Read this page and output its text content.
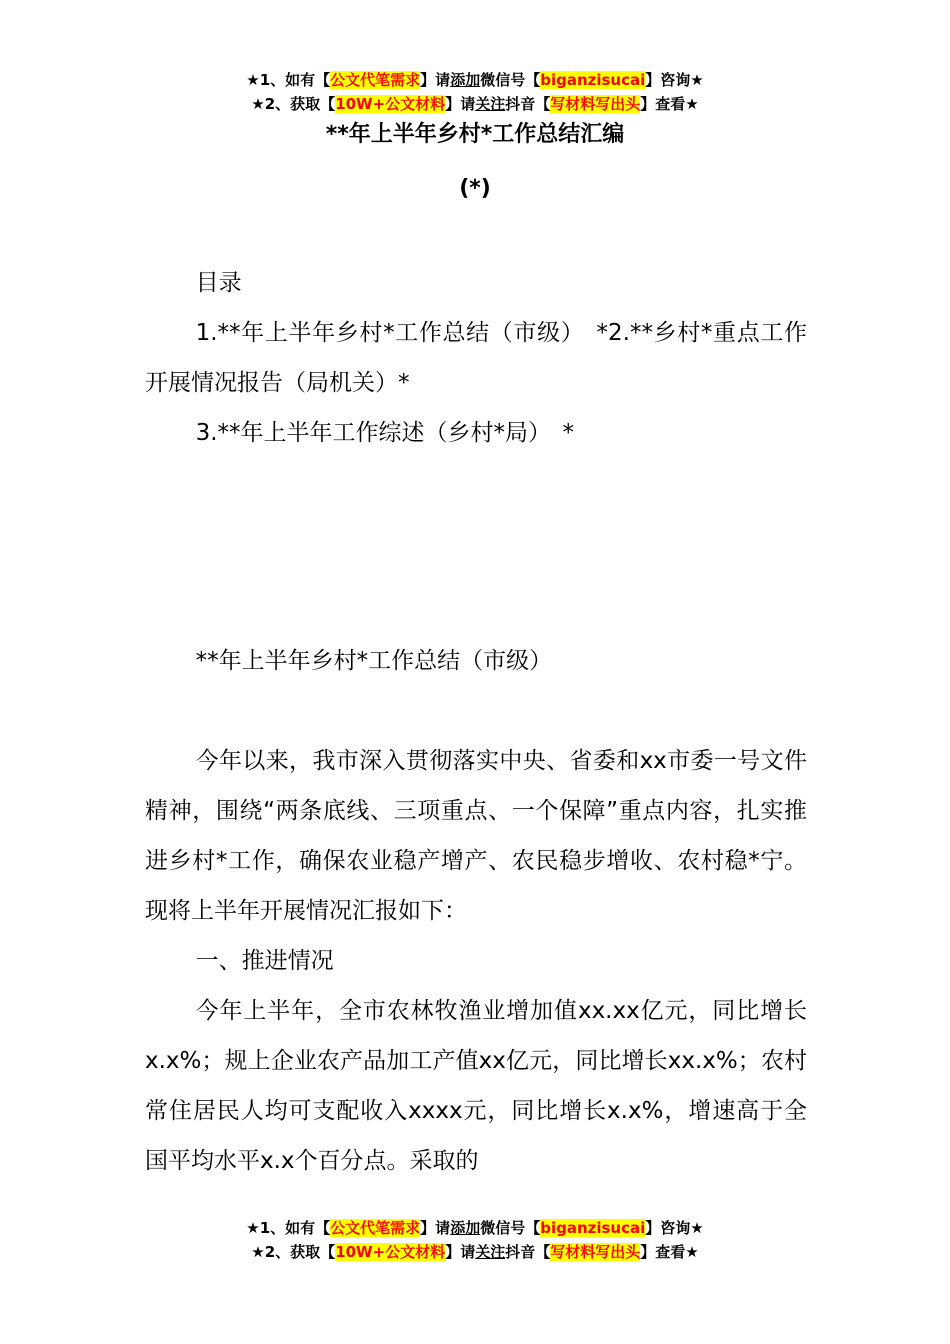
★1、如有【公文代笔需求】请添加微信号【biganzisucai】咨询★
★2、获取【10W+公文材料】请关注抖音【写材料写出头】查看★
**年上半年乡村*工作总结汇编
(*)

目录

1.**年上半年乡村*工作总结（市级）　*2.**乡村*重点工作开展情况报告（局机关）*

3.**年上半年工作综述（乡村*局）　*

**年上半年乡村*工作总结（市级）

今年以来，我市深入贯彻落实中央、省委和xx市委一号文件精神，围绕“两条底线、三项重点、一个保障”重点内容，扎实推进乡村*工作，确保农业稳产增产、农民稳步增收、农村稳*宁。现将上半年开展情况汇报如下：

一、推进情况

今年上半年，全市农林牧渔业增加值xx.xx亿元，同比增长x.x%；规上企业农产品加工产值xx亿元，同比增长xx.x%；农村常住居民人均可支配收入xxxx元，同比增长x.x%，增速高于全国平均水平x.x个百分点。采取的

★1、如有【公文代笔需求】请添加微信号【biganzisucai】咨询★
★2、获取【10W+公文材料】请关注抖音【写材料写出头】查看★
